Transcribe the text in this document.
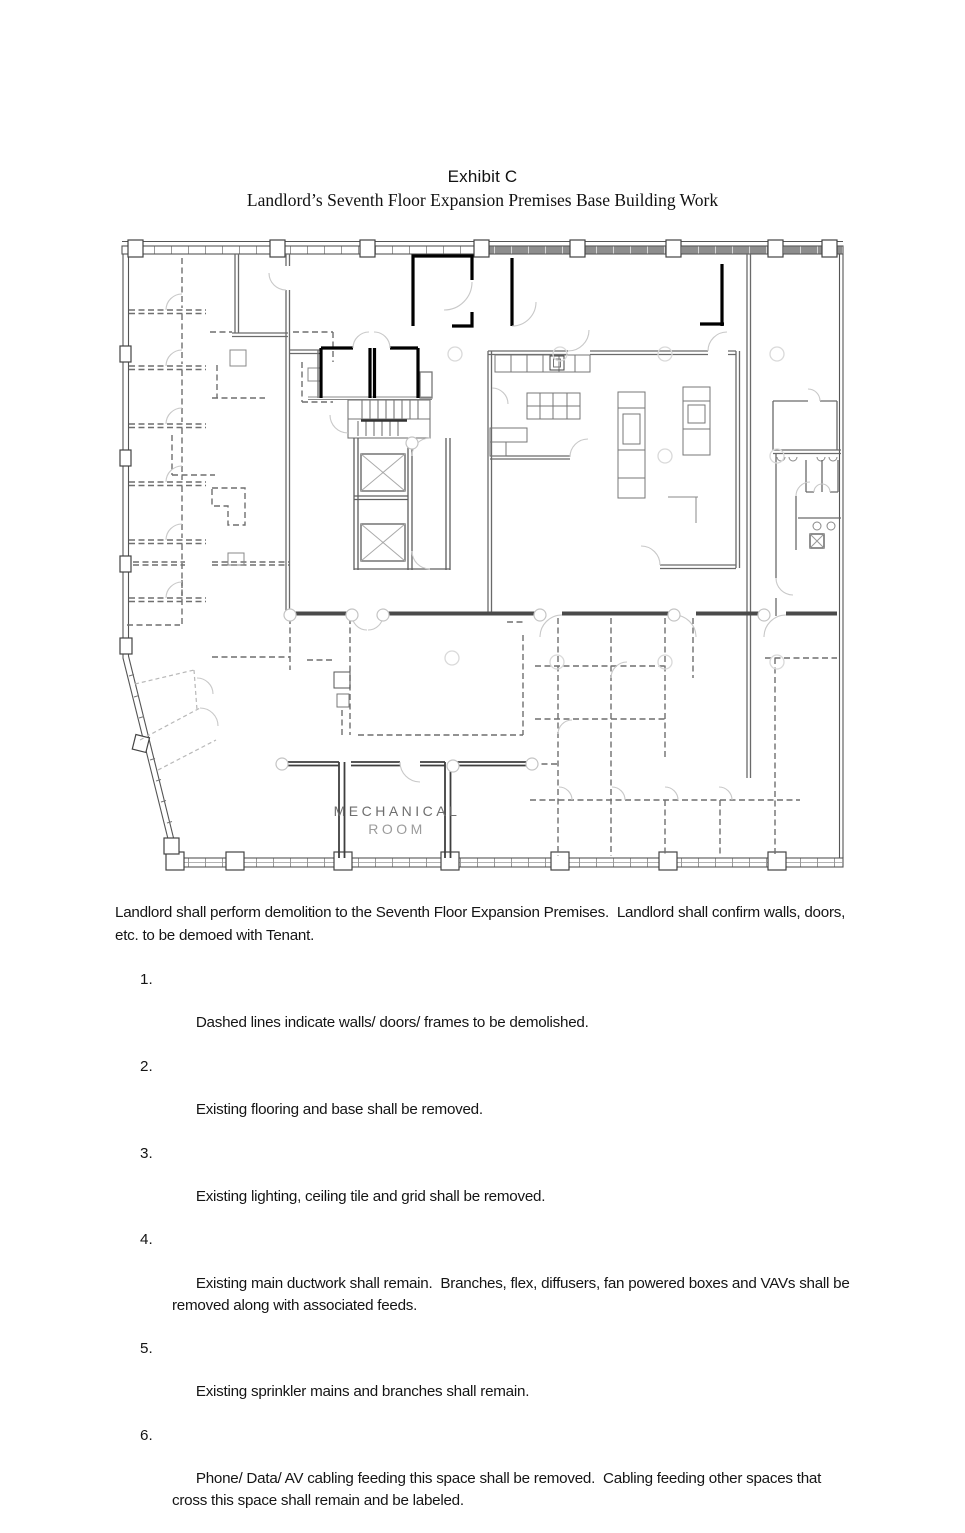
Exhibit C
Landlord’s Seventh Floor Expansion Premises Base Building Work
MECHANICAL
ROOM
Landlord shall perform demolition to the Seventh Floor Expansion Premises.  Landlord shall confirm walls, doors, etc. to be demoed with Tenant.

1.

Dashed lines indicate walls/ doors/ frames to be demolished.

2.

Existing flooring and base shall be removed.

3.

Existing lighting, ceiling tile and grid shall be removed.

4.

Existing main ductwork shall remain.  Branches, flex, diffusers, fan powered boxes and VAVs shall be removed along with associated feeds.

5.

Existing sprinkler mains and branches shall remain.

6.

Phone/ Data/ AV cabling feeding this space shall be removed.  Cabling feeding other spaces that cross this space shall remain and be labeled.
